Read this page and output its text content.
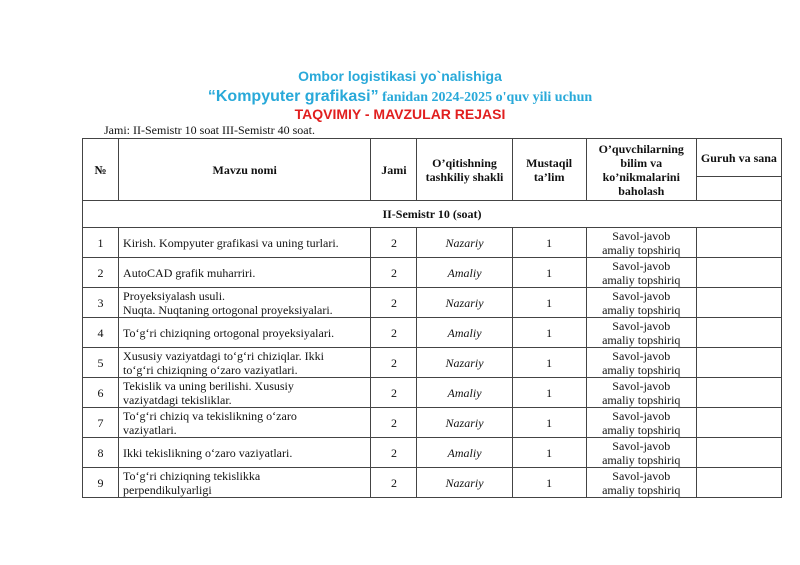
Ombor logistikasi yo`nalishiga
“Kompyuter grafikasi” fanidan 2024-2025 o'quv yili uchun
TAQVIMIY - MAVZULAR REJASI
Jami: II-Semistr 10 soat III-Semistr 40 soat.
№	Mavzu nomi	Jami	O’qitishning tashkiliy shakli	Mustaqil ta’lim	O’quvchilarning bilim va ko’nikmalarini baholash	Guruh va sana

II-Semistr 10 (soat)						
1	Kirish. Kompyuter grafikasi va uning turlari.	2	Nazariy	1	Savol-javob
amaliy topshiriq	
2	AutoCAD grafik muharriri.	2	Amaliy	1	Savol-javob
amaliy topshiriq	
3	Proyeksiyalash usuli.
Nuqta. Nuqtaning ortogonal proyeksiyalari.	2	Nazariy	1	Savol-javob
amaliy topshiriq	
4	To‘g‘ri chiziqning ortogonal proyeksiyalari.	2	Amaliy	1	Savol-javob
amaliy topshiriq	
5	Xususiy vaziyatdagi to‘g‘ri chiziqlar. Ikki
to‘g‘ri chiziqning o‘zaro vaziyatlari.	2	Nazariy	1	Savol-javob
amaliy topshiriq	
6	Tekislik va uning berilishi. Xususiy
vaziyatdagi tekisliklar.	2	Amaliy	1	Savol-javob
amaliy topshiriq	
7	To‘g‘ri chiziq va tekislikning o‘zaro
vaziyatlari.	2	Nazariy	1	Savol-javob
amaliy topshiriq	
8	Ikki tekislikning o‘zaro vaziyatlari.	2	Amaliy	1	Savol-javob
amaliy topshiriq	
9	To‘g‘ri chiziqning tekislikka
perpendikulyarligi	2	Nazariy	1	Savol-javob
amaliy topshiriq	
